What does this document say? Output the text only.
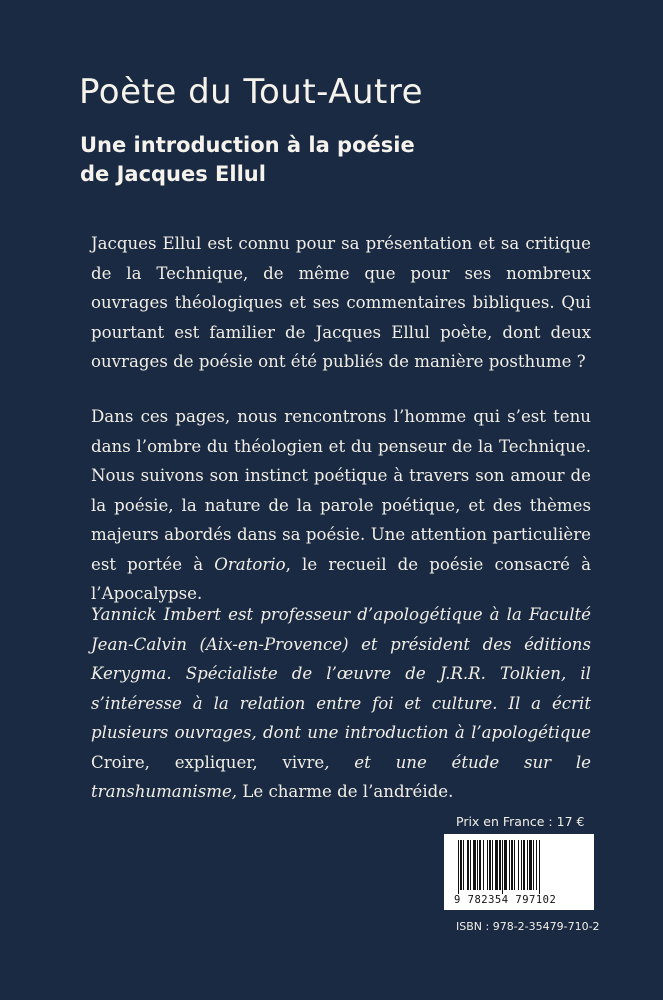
Poète du Tout-Autre
Une introduction à la poésie
de Jacques Ellul

Jacques Ellul est connu pour sa présentation et sa critique de la Technique, de même que pour ses nombreux ouvrages théologiques et ses commentaires bibliques. Qui pourtant est familier de Jacques Ellul poète, dont deux ouvrages de poésie ont été publiés de manière posthume ?

Dans ces pages, nous rencontrons l’homme qui s’est tenu dans l’ombre du théologien et du penseur de la Technique. Nous suivons son instinct poétique à travers son amour de la poésie, la nature de la parole poétique, et des thèmes majeurs abordés dans sa poésie. Une attention particulière est portée à Oratorio, le recueil de poésie consacré à l’Apocalypse.

Yannick Imbert est professeur d’apologétique à la Faculté Jean-Calvin (Aix-en-Provence) et président des éditions Kerygma. Spécialiste de l’œuvre de J.R.R. Tolkien, il s’intéresse à la relation entre foi et culture. Il a écrit plusieurs ouvrages, dont une introduction à l’apologétique Croire, expliquer, vivre, et une étude sur le transhumanisme, Le charme de l’andréide.

Prix en France : 17 €
9 782354 797102
ISBN : 978-2-35479-710-2
